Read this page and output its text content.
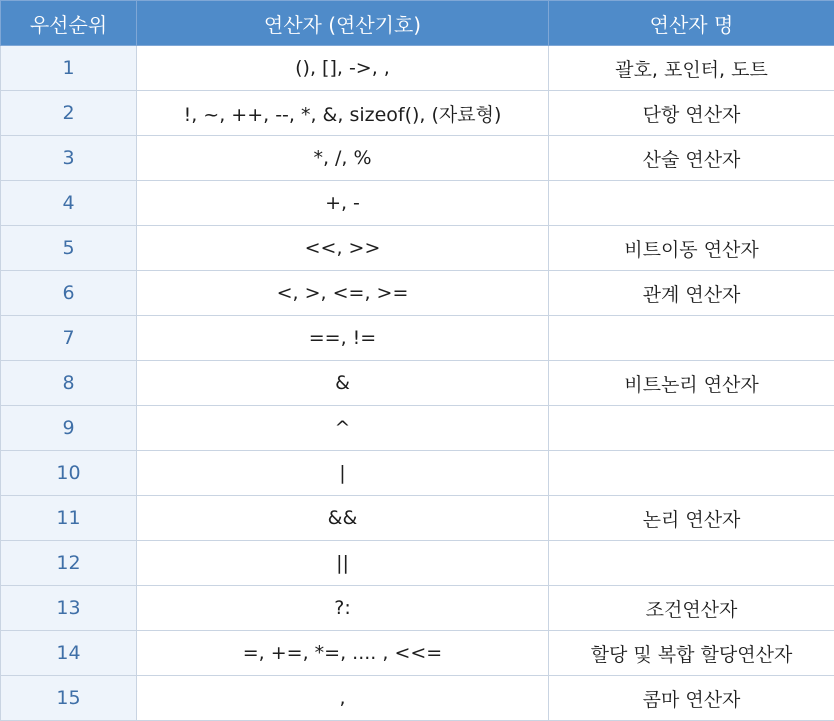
우선순위	연산자 (연산기호)	연산자 명
1	(), [], ->, ,	괄호, 포인터, 도트
2	!, ~, ++, --, *, &, sizeof(), (자료형)	단항 연산자
3	*, /, %	산술 연산자
4	+, -	
5	<<, >>	비트이동 연산자
6	<, >, <=, >=	관계 연산자
7	==, !=	
8	&	비트논리 연산자
9	^	
10	|	
11	&&	논리 연산자
12	||	
13	?:	조건연산자
14	=, +=, *=, .... , <<=	할당 및 복합 할당연산자
15	,	콤마 연산자
